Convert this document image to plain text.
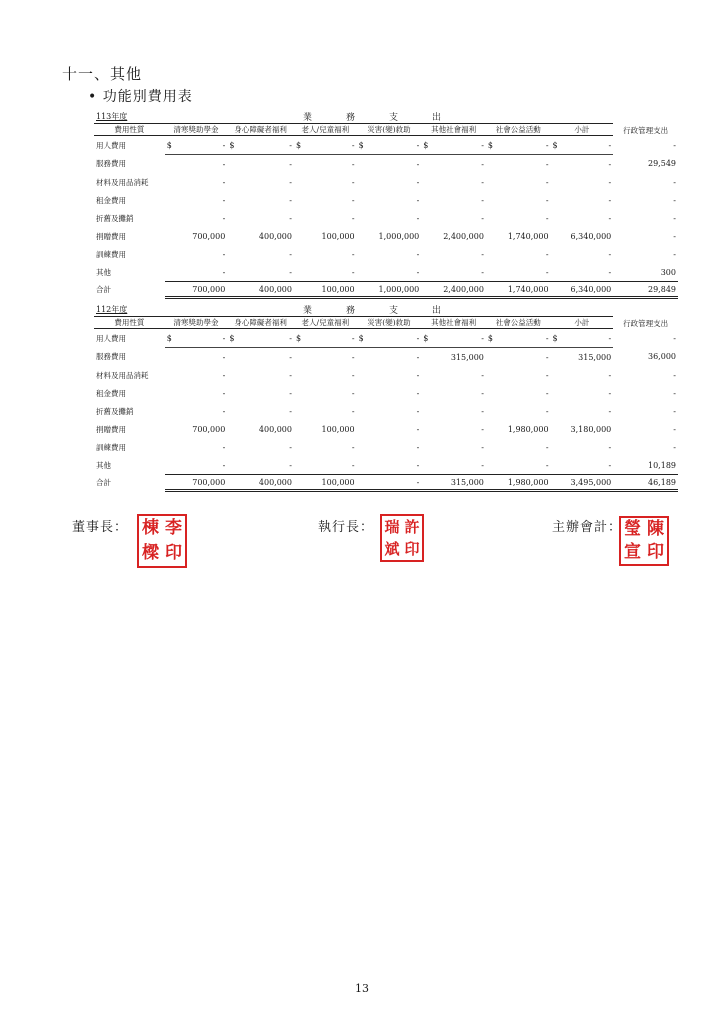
十一、其他
• 功能別費用表
113年度	業務支出							行政管理支出
費用性質	清寒獎助學金	身心障礙者福利	老人/兒童福利	災害(變)救助	其他社會福利	社會公益活動	小計	
用人費用	$ -	$ -	$ -	$ -	$ -	$ -	$ -	-
服務費用	-	-	-	-	-	-	-	29,549
材料及用品消耗	-	-	-	-	-	-	-	-
租金費用	-	-	-	-	-	-	-	-
折舊及攤銷	-	-	-	-	-	-	-	-
捐贈費用	700,000	400,000	100,000	1,000,000	2,400,000	1,740,000	6,340,000	-
訓練費用	-	-	-	-	-	-	-	-
其他	-	-	-	-	-	-	-	300
合計	700,000	400,000	100,000	1,000,000	2,400,000	1,740,000	6,340,000	29,849
112年度	業務支出							行政管理支出
費用性質	清寒獎助學金	身心障礙者福利	老人/兒童福利	災害(變)救助	其他社會福利	社會公益活動	小計	
用人費用	$ -	$ -	$ -	$ -	$ -	$ -	$ -	-
服務費用	-	-	-	-	315,000	-	315,000	36,000
材料及用品消耗	-	-	-	-	-	-	-	-
租金費用	-	-	-	-	-	-	-	-
折舊及攤銷	-	-	-	-	-	-	-	-
捐贈費用	700,000	400,000	100,000	-	-	1,980,000	3,180,000	-
訓練費用	-	-	-	-	-	-	-	-
其他	-	-	-	-	-	-	-	10,189
合計	700,000	400,000	100,000	-	315,000	1,980,000	3,495,000	46,189
董事長： 棟 李
樑 印
執行長： 瑞 許
斌 印
主辦會計： 瑩 陳
宣 印
13
